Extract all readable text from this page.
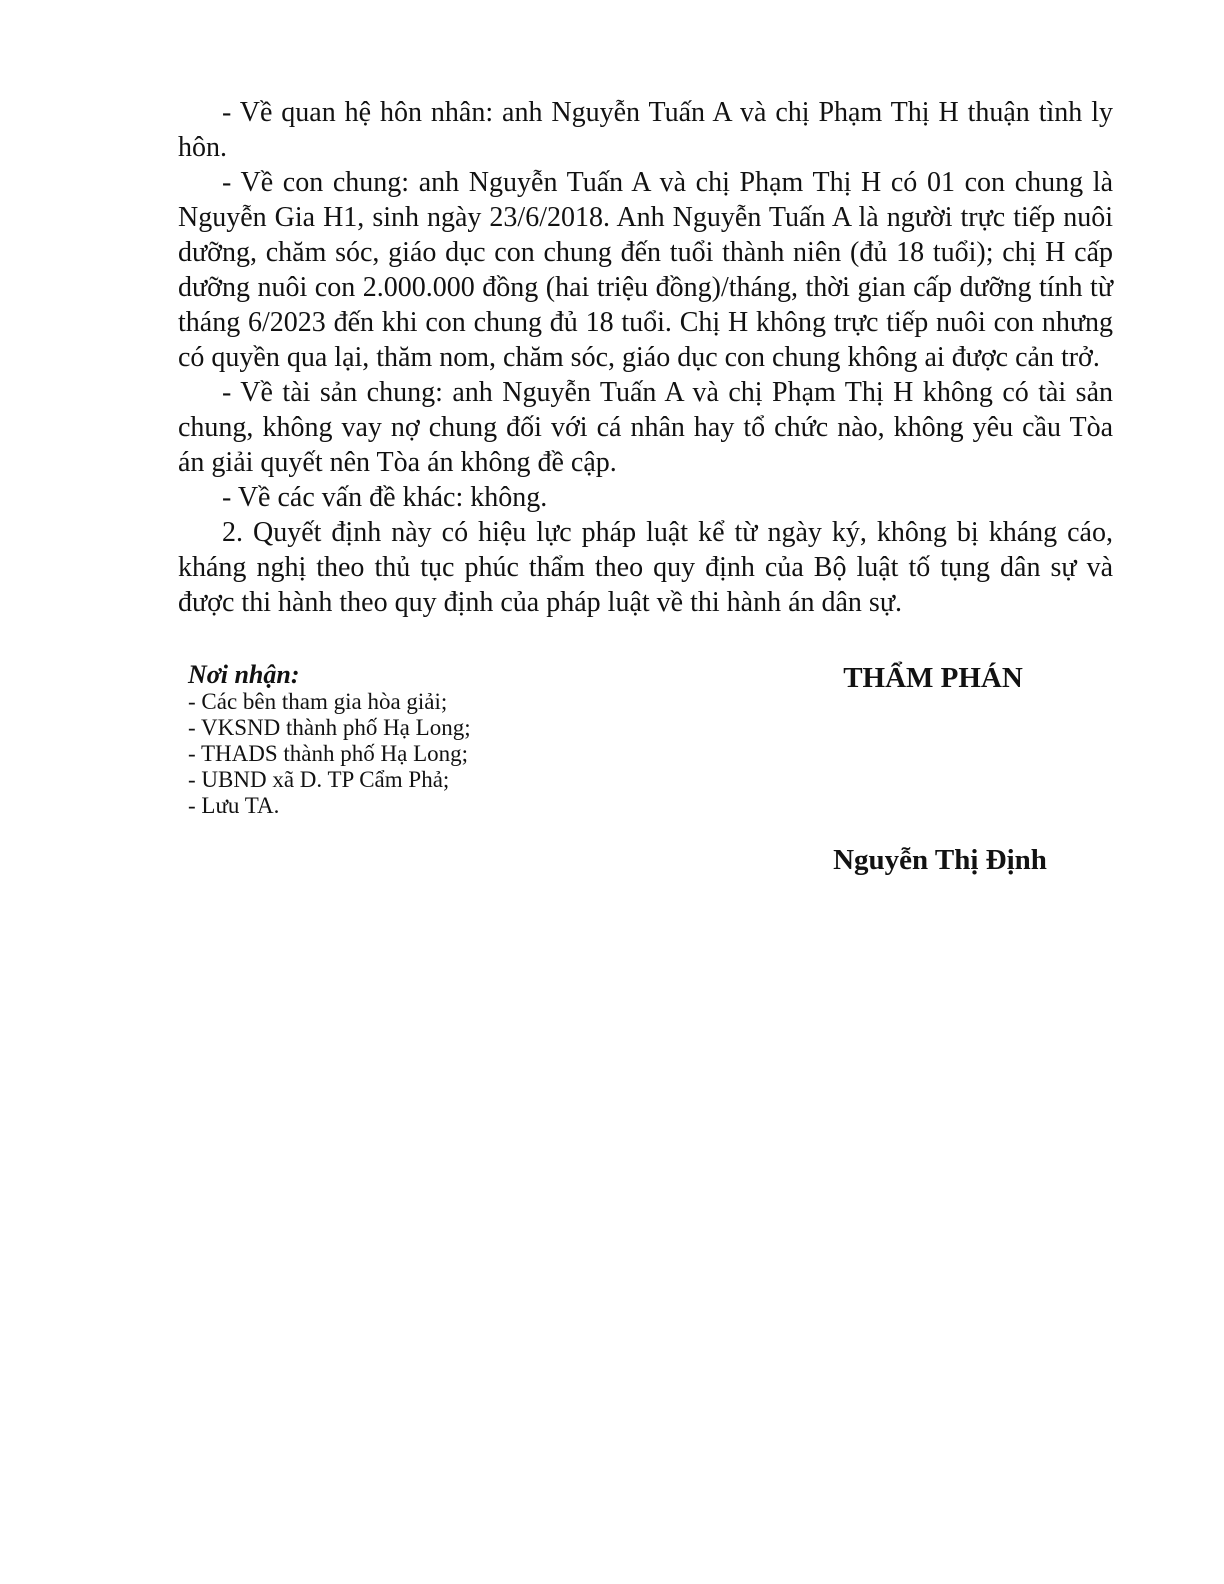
- Về quan hệ hôn nhân: anh Nguyễn Tuấn A và chị Phạm Thị H thuận tình ly hôn.

- Về con chung: anh Nguyễn Tuấn A và chị Phạm Thị H có 01 con chung là Nguyễn Gia H1, sinh ngày 23/6/2018. Anh Nguyễn Tuấn A là người trực tiếp nuôi dưỡng, chăm sóc, giáo dục con chung đến tuổi thành niên (đủ 18 tuổi); chị H cấp dưỡng nuôi con 2.000.000 đồng (hai triệu đồng)/tháng, thời gian cấp dưỡng tính từ tháng 6/2023 đến khi con chung đủ 18 tuổi. Chị H không trực tiếp nuôi con nhưng có quyền qua lại, thăm nom, chăm sóc, giáo dục con chung không ai được cản trở.

- Về tài sản chung: anh Nguyễn Tuấn A và chị Phạm Thị H không có tài sản chung, không vay nợ chung đối với cá nhân hay tổ chức nào, không yêu cầu Tòa án giải quyết nên Tòa án không đề cập.

- Về các vấn đề khác: không.

2. Quyết định này có hiệu lực pháp luật kể từ ngày ký, không bị kháng cáo, kháng nghị theo thủ tục phúc thẩm theo quy định của Bộ luật tố tụng dân sự và được thi hành theo quy định của pháp luật về thi hành án dân sự.

Nơi nhận:
- Các bên tham gia hòa giải;
- VKSND thành phố Hạ Long;
- THADS thành phố Hạ Long;
- UBND xã D. TP Cẩm Phả;
- Lưu TA.
THẨM PHÁN
Nguyễn Thị Định
